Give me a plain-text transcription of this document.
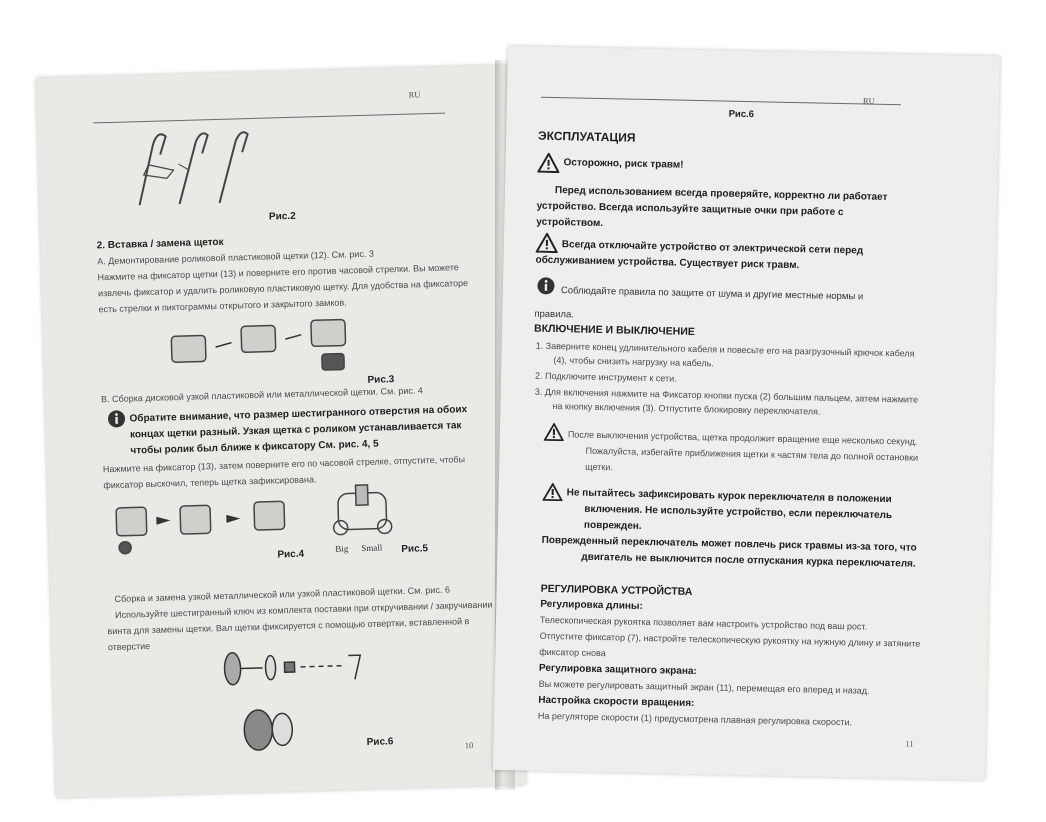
RU
Рис.2
2. Вставка / замена щеток
A. Демонтирование роликовой пластиковой щетки (12). См. рис. 3
Нажмите на фиксатор щетки (13) и поверните его против часовой стрелки. Вы можете
извлечь фиксатор и удалить роликовую пластиковую щетку. Для удобства на фиксаторе
есть стрелки и пиктограммы открытого и закрытого замков.
Рис.3
B. Сборка дисковой узкой пластиковой или металлической щетки. См. рис. 4
Обратите внимание, что размер шестигранного отверстия на обоих
концах щетки разный. Узкая щетка с роликом устанавливается так
чтобы ролик был ближе к фиксатору См. рис. 4, 5
Нажмите на фиксатор (13), затем поверните его по часовой стрелке, отпустите, чтобы
фиксатор выскочил, теперь щетка зафиксирована.
Рис.4
Big Small Рис.5
Сборка и замена узкой металлической или узкой пластиковой щетки. См. рис. 6
Используйте шестигранный ключ из комплекта поставки при откручивании / закручивании
винта для замены щетки. Вал щетки фиксируется с помощью отвертки, вставленной в
отверстие
Рис.6	10
RU
Рис.6
ЭКСПЛУАТАЦИЯ
Осторожно, риск травм!
Перед использованием всегда проверяйте, корректно ли работает
устройство. Всегда используйте защитные очки при работе с
устройством.
Всегда отключайте устройство от электрической сети перед
обслуживанием устройства. Существует риск травм.
Соблюдайте правила по защите от шума и другие местные нормы и
правила.
ВКЛЮЧЕНИЕ И ВЫКЛЮЧЕНИЕ
1. Заверните конец удлинительного кабеля и повесьте его на разгрузочный крючок кабеля
(4), чтобы снизить нагрузку на кабель.
2. Подключите инструмент к сети.
3. Для включения нажмите на Фиксатор кнопки пуска (2) большим пальцем, затем нажмите
на кнопку включения (3). Отпустите блокировку переключателя.
После выключения устройства, щетка продолжит вращение еще несколько секунд.
Пожалуйста, избегайте приближения щетки к частям тела до полной остановки
щетки.
Не пытайтесь зафиксировать курок переключателя в положении
включения. Не используйте устройство, если переключатель
поврежден.
Поврежденный переключатель может повлечь риск травмы из-за того, что
двигатель не выключится после отпускания курка переключателя.
РЕГУЛИРОВКА УСТРОЙСТВА
Регулировка длины:
Телескопическая рукоятка позволяет вам настроить устройство под ваш рост.
Отпустите фиксатор (7), настройте телескопическую рукоятку на нужную длину и затяните
фиксатор снова
Регулировка защитного экрана:
Вы можете регулировать защитный экран (11), перемещая его вперед и назад.
Настройка скорости вращения:
На регуляторе скорости (1) предусмотрена плавная регулировка скорости.
11
